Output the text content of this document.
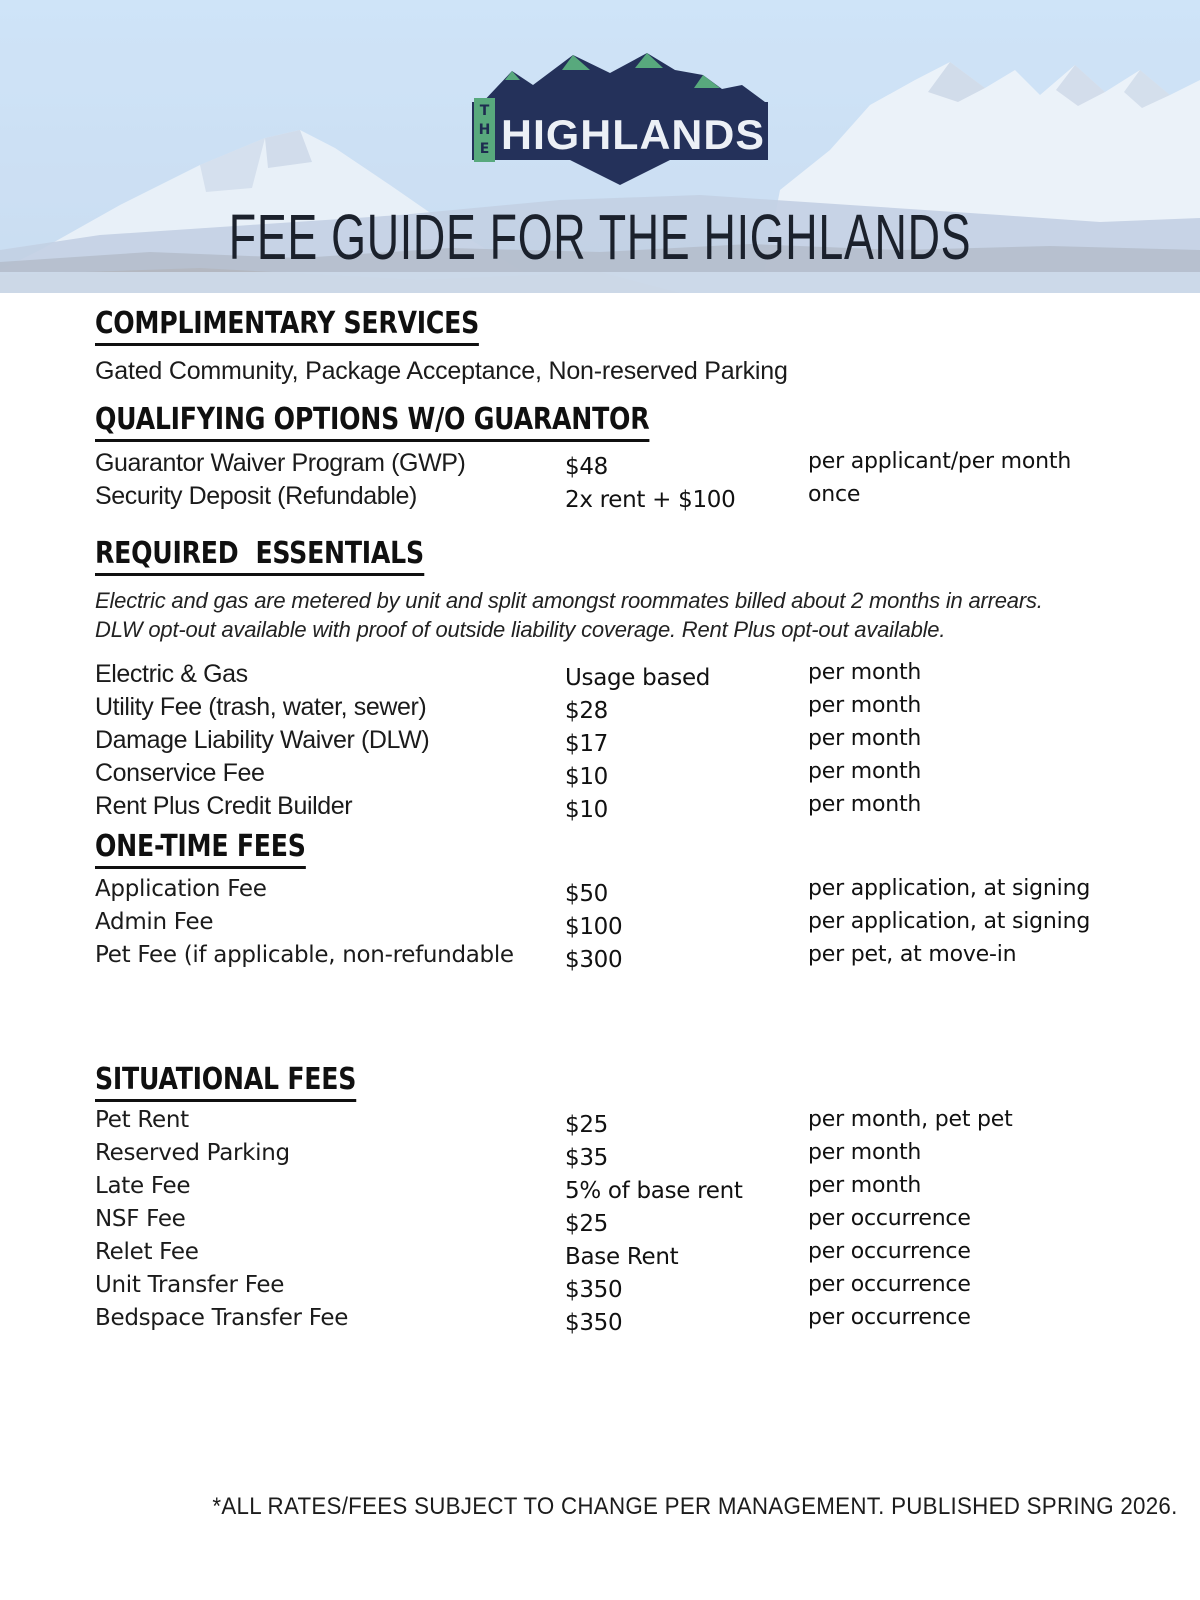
T
H
E HIGHLANDS
FEE GUIDE FOR THE HIGHLANDS
COMPLIMENTARY SERVICES

Gated Community, Package Acceptance, Non-reserved Parking

QUALIFYING OPTIONS W/O GUARANTOR
Guarantor Waiver Program (GWP)	$48	per applicant/per month
Security Deposit (Refundable)	2x rent + $100	once
REQUIRED  ESSENTIALS
Electric and gas are metered by unit and split amongst roommates billed about 2 months in arrears.
DLW opt-out available with proof of outside liability coverage. Rent Plus opt-out available.
Electric & Gas	Usage based	per month
Utility Fee (trash, water, sewer)	$28	per month
Damage Liability Waiver (DLW)	$17	per month
Conservice Fee	$10	per month
Rent Plus Credit Builder	$10	per month
ONE-TIME FEES
Application Fee	$50	per application, at signing
Admin Fee	$100	per application, at signing
Pet Fee (if applicable, non-refundable	$300	per pet, at move-in
SITUATIONAL FEES
Pet Rent	$25	per month, pet pet
Reserved Parking	$35	per month
Late Fee	5% of base rent	per month
NSF Fee	$25	per occurrence
Relet Fee	Base Rent	per occurrence
Unit Transfer Fee	$350	per occurrence
Bedspace Transfer Fee	$350	per occurrence
*ALL RATES/FEES SUBJECT TO CHANGE PER MANAGEMENT. PUBLISHED SPRING 2026.
